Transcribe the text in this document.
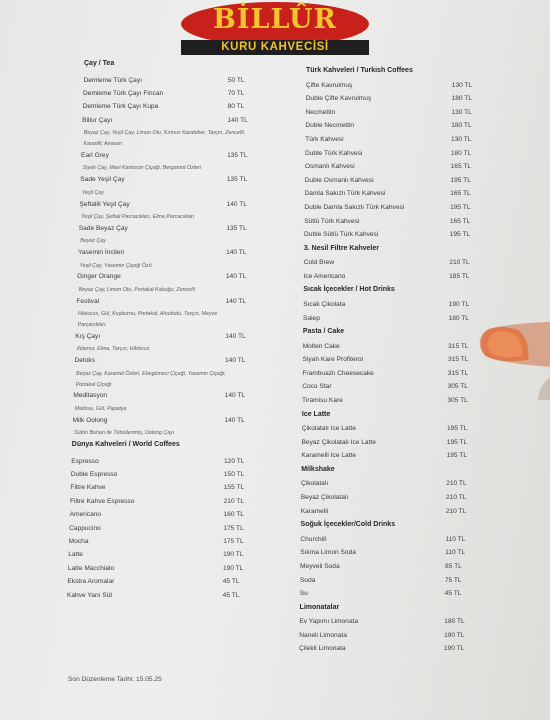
BİLLÛR
KURU KAHVECİSİ
Çay / Tea
Demleme Türk Çayı	50 TL
Demleme Türk Çayı Fincan	70 TL
Demleme Türk Çayı Kupa	80 TL
Billur Çayı	140 TL
Beyaz Çay, Yeşil Çay, Limon Otu, Kırmızı Karabiber, Tarçın, Zencefil,
Karanfil, Anason
Earl Grey	135 TL
Siyah Çay, Mavi Kantaron Çiçeği, Bergamot Özleri
Sade Yeşil Çay	135 TL
Yeşil Çay
Şeftalili Yeşil Çay	140 TL
Yeşil Çay, Şeftali Parcacıkları, Elma Parcacıkları
Sade Beyaz Çay	135 TL
Beyaz Çay
Yasemin İncileri	140 TL
Yeşil Çay, Yasemin Çiçeği Özü
Ginger Orange	140 TL
Beyaz Çay, Limon Otu, Portakal Kabuğu, Zencefil
Festival	140 TL
Hibiscus, Gül, Kuşburnu, Portakal, Ahududu, Tarçın, Meyve
Parçacıkları
Kış Çayı	140 TL
Ihlamur, Elma, Tarçın, Hibiscus
Detoks	140 TL
Beyaz Çay, Karamel Özleri, Ebegümeci Çiçeği, Yasemin Çiçeği,
Portakal Çiçeği
Meditasyon	140 TL
Melissa, Gül, Papatya
Milk Oolong	140 TL
Sütün Buharı ile Tütsülenmiş, Oolong Çayı
Dünya Kahveleri / World Coffees
Espresso	120 TL
Duble Espresso	150 TL
Filtre Kahve	155 TL
Filtre Kahve Espresso	210 TL
Americano	160 TL
Cappucino	175 TL
Mocha	175 TL
Latte	190 TL
Latte Macchiato	190 TL
Ekstra Aromalar	45 TL
Kahve Yanı Süt	45 TL
Türk Kahveleri / Turkish Coffees
Çifte Kavrulmuş	130 TL
Duble Çifte Kavrulmuş	180 TL
Necmettin	130 TL
Duble Necmettin	180 TL
Türk Kahvesi	130 TL
Duble Türk Kahvesi	180 TL
Osmanlı Kahvesi	165 TL
Duble Osmanlı Kahvesi	195 TL
Damla Sakızlı Türk Kahvesi	165 TL
Duble Damla Sakızlı Türk Kahvesi	195 TL
Sütlü Türk Kahvesi	165 TL
Duble Sütlü Türk Kahvesi	195 TL
3. Nesil Filtre Kahveler
Cold Brew	210 TL
Ice Americano	185 TL
Sıcak İçecekler / Hot Drinks
Sıcak Çikolata	190 TL
Salep	180 TL
Pasta / Cake
Molten Cake	315 TL
Siyah Kare Profiterol	315 TL
Frambuazlı Cheesecake	315 TL
Coco Star	305 TL
Tiramisu Kare	305 TL
Ice Latte
Çikolatalı Ice Latte	195 TL
Beyaz Çikolatalı Ice Latte	195 TL
Karamelli Ice Latte	195 TL
Milkshake
Çikolatalı	210 TL
Beyaz Çikolatalı	210 TL
Karamelli	210 TL
Soğuk İçecekler/Cold Drinks
Churchill	110 TL
Sıkma Limon Soda	110 TL
Meyveli Soda	85 TL
Soda	75 TL
Su	45 TL
Limonatalar
Ev Yapımı Limonata	180 TL
Naneli Limonata	190 TL
Çilekli Limonata	190 TL
Son Düzenleme Tarihi: 15.05.25
